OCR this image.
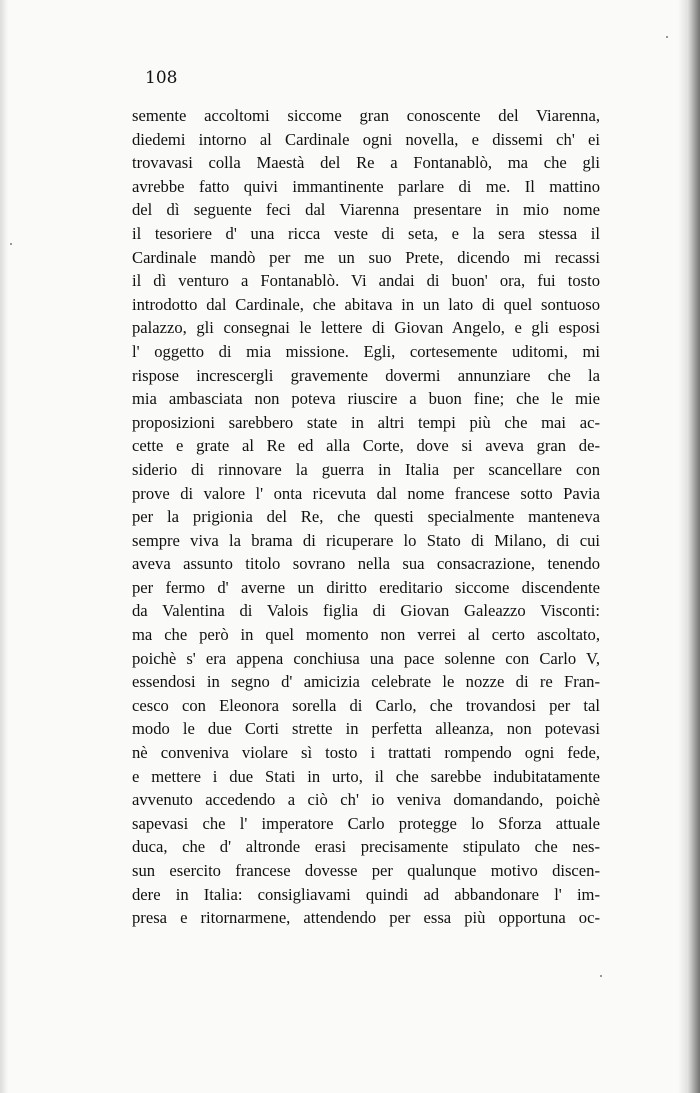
108

semente accoltomi siccome gran conoscente del Viarenna,
diedemi intorno al Cardinale ogni novella, e dissemi ch' ei
trovavasi colla Maestà del Re a Fontanablò, ma che gli
avrebbe fatto quivi immantinente parlare di me. Il mattino
del dì seguente feci dal Viarenna presentare in mio nome
il tesoriere d' una ricca veste di seta, e la sera stessa il
Cardinale mandò per me un suo Prete, dicendo mi recassi
il dì venturo a Fontanablò. Vi andai di buon' ora, fui tosto
introdotto dal Cardinale, che abitava in un lato di quel sontuoso
palazzo, gli consegnai le lettere di Giovan Angelo, e gli esposi
l' oggetto di mia missione. Egli, cortesemente uditomi, mi
rispose increscergli gravemente dovermi annunziare che la
mia ambasciata non poteva riuscire a buon fine; che le mie
proposizioni sarebbero state in altri tempi più che mai ac-
cette e grate al Re ed alla Corte, dove si aveva gran de-
siderio di rinnovare la guerra in Italia per scancellare con
prove di valore l' onta ricevuta dal nome francese sotto Pavia
per la prigionia del Re, che questi specialmente manteneva
sempre viva la brama di ricuperare lo Stato di Milano, di cui
aveva assunto titolo sovrano nella sua consacrazione, tenendo
per fermo d' averne un diritto ereditario siccome discendente
da Valentina di Valois figlia di Giovan Galeazzo Visconti:
ma che però in quel momento non verrei al certo ascoltato,
poichè s' era appena conchiusa una pace solenne con Carlo V,
essendosi in segno d' amicizia celebrate le nozze di re Fran-
cesco con Eleonora sorella di Carlo, che trovandosi per tal
modo le due Corti strette in perfetta alleanza, non potevasi
nè conveniva violare sì tosto i trattati rompendo ogni fede,
e mettere i due Stati in urto, il che sarebbe indubitatamente
avvenuto accedendo a ciò ch' io veniva domandando, poichè
sapevasi che l' imperatore Carlo protegge lo Sforza attuale
duca, che d' altronde erasi precisamente stipulato che nes-
sun esercito francese dovesse per qualunque motivo discen-
dere in Italia: consigliavami quindi ad abbandonare l' im-
presa e ritornarmene, attendendo per essa più opportuna oc-
